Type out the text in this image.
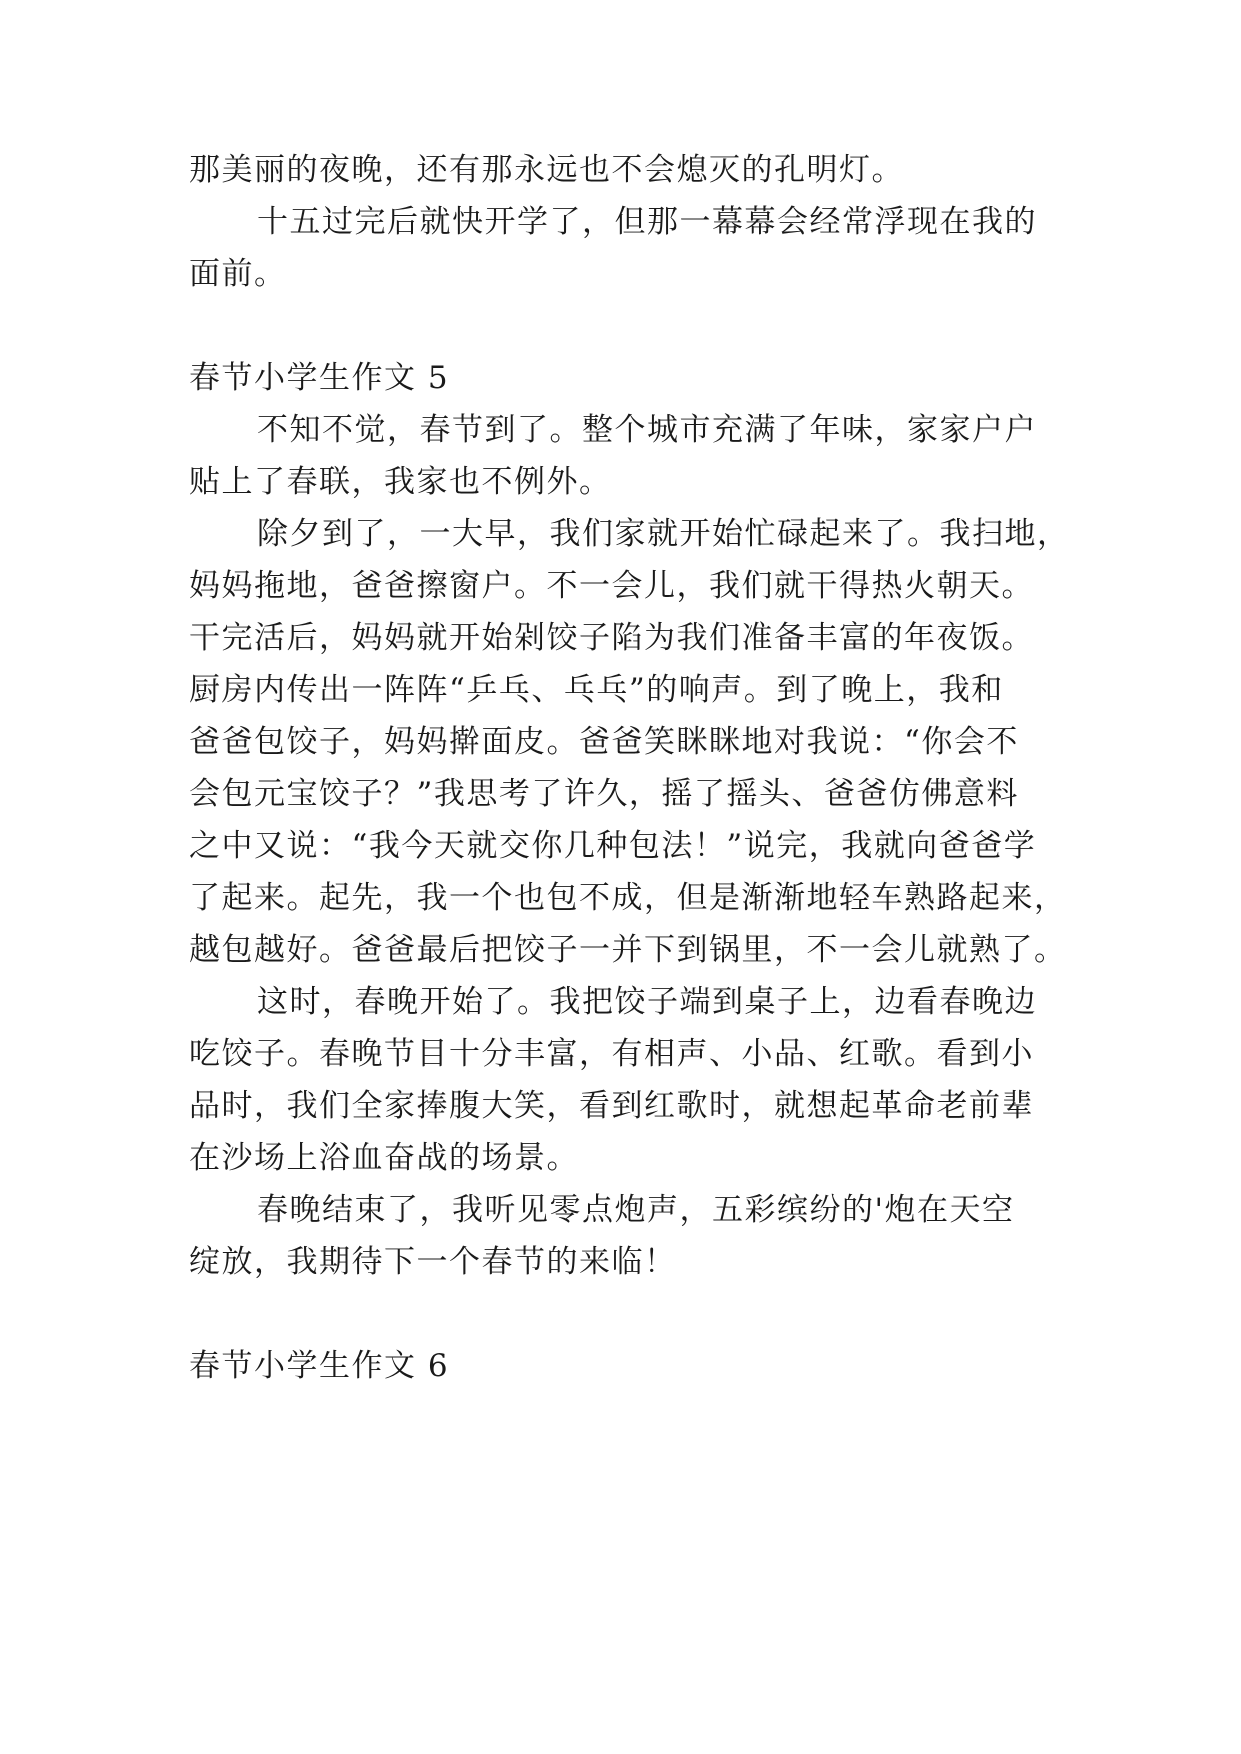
那美丽的夜晚，还有那永远也不会熄灭的孔明灯。

十五过完后就快开学了，但那一幕幕会经常浮现在我的

面前。

春节小学生作文 5

不知不觉，春节到了。整个城市充满了年味，家家户户

贴上了春联，我家也不例外。

除夕到了，一大早，我们家就开始忙碌起来了。我扫地，

妈妈拖地，爸爸擦窗户。不一会儿，我们就干得热火朝天。

干完活后，妈妈就开始剁饺子陷为我们准备丰富的年夜饭。

厨房内传出一阵阵“乒乓、乓乓”的响声。到了晚上，我和

爸爸包饺子，妈妈擀面皮。爸爸笑眯眯地对我说：“你会不

会包元宝饺子？”我思考了许久，摇了摇头、爸爸仿佛意料

之中又说：“我今天就交你几种包法！”说完，我就向爸爸学

了起来。起先，我一个也包不成，但是渐渐地轻车熟路起来，

越包越好。爸爸最后把饺子一并下到锅里，不一会儿就熟了。

这时，春晚开始了。我把饺子端到桌子上，边看春晚边

吃饺子。春晚节目十分丰富，有相声、小品、红歌。看到小

品时，我们全家捧腹大笑，看到红歌时，就想起革命老前辈

在沙场上浴血奋战的场景。

春晚结束了，我听见零点炮声，五彩缤纷的'炮在天空

绽放，我期待下一个春节的来临！

春节小学生作文 6
